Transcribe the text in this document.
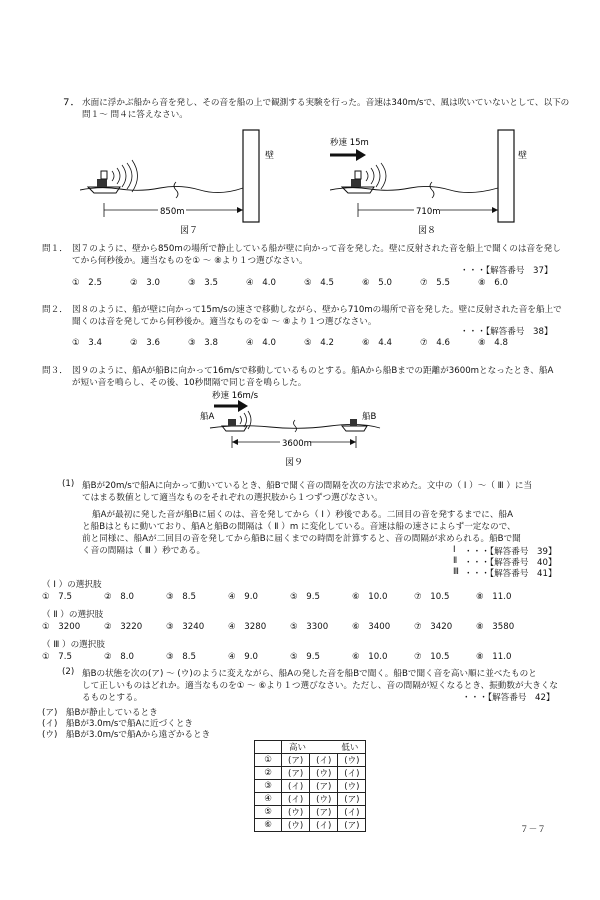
７． 水面に浮かぶ船から音を発し、その音を船の上で観測する実験を行った。音速は340m/sで、風は吹いていないとして、以下の
問１～ 問４に答えなさい。
壁
850m
図７
壁
秒速 15m
710m
図８
問１． 図７のように、壁から850mの場所で静止している船が壁に向かって音を発した。壁に反射された音を船上で聞くのは音を発し
てから何秒後か。適当なものを① ～ ⑧より１つ選びなさい。
・・・【解答番号　37】
①　2.5	②　3.0	③　3.5	④　4.0	⑤　4.5	⑥　5.0	⑦　5.5	⑧　6.0
問２． 図８のように、船が壁に向かって15m/sの速さで移動しながら、壁から710mの場所で音を発した。壁に反射された音を船上で
聞くのは音を発してから何秒後か。適当なものを① ～ ⑧より１つ選びなさい。
・・・【解答番号　38】
①　3.4	②　3.6	③　3.8	④　4.0	⑤　4.2	⑥　4.4	⑦　4.6	⑧　4.8
問３． 図９のように、船Aが船Bに向かって16m/sで移動しているものとする。船Aから船Bまでの距離が3600mとなったとき、船A
が短い音を鳴らし、その後、10秒間隔で同じ音を鳴らした。
秒速 16m/s
船A	船B
3600m
図９
(1) 船Bが20m/sで船Aに向かって動いているとき、船Bで聞く音の間隔を次の方法で求めた。文中の（ Ⅰ ）～（ Ⅲ ）に当
てはまる数値として適当なものをそれぞれの選択肢から１つずつ選びなさい。
船Aが最初に発した音が船Bに届くのは、音を発してから（ Ⅰ ）秒後である。二回目の音を発するまでに、船A
と船Bはともに動いており、船Aと船Bの間隔は（ Ⅱ ）m に変化している。音速は船の速さによらず一定なので、
前と同様に、船Aが二回目の音を発してから船Bに届くまでの時間を計算すると、音の間隔が求められる。船Bで聞
く音の間隔は（ Ⅲ ）秒である。	Ⅰ ・・・【解答番号　39】
Ⅱ ・・・【解答番号　40】
Ⅲ ・・・【解答番号　41】
（ Ⅰ ）の選択肢
①　7.5	②　8.0	③　8.5	④　9.0	⑤　9.5	⑥　10.0	⑦　10.5	⑧　11.0
（ Ⅱ ）の選択肢
①　3200	②　3220	③　3240	④　3280	⑤　3300	⑥　3400	⑦　3420	⑧　3580
（ Ⅲ ）の選択肢
①　7.5	②　8.0	③　8.5	④　9.0	⑤　9.5	⑥　10.0	⑦　10.5	⑧　11.0
(2) 船Bの状態を次の(ア) ～ (ウ)のように変えながら、船Aの発した音を船Bで聞く。船Bで聞く音を高い順に並べたものと
して正しいものはどれか。適当なものを① ～ ⑥より１つ選びなさい。ただし、音の間隔が短くなるとき、振動数が大きくな
るものとする。	・・・【解答番号　42】
(ア)　船Bが静止しているとき
(イ)　船Bが3.0m/sで船Aに近づくとき
(ウ)　船Bが3.0m/sで船Aから遠ざかるとき
	高い 低い		
①	(ア)	(イ)	(ウ)
②	(ア)	(ウ)	(イ)
③	(イ)	(ア)	(ウ)
④	(イ)	(ウ)	(ア)
⑤	(ウ)	(ア)	(イ)
⑥	(ウ)	(イ)	(ア)	７－７
